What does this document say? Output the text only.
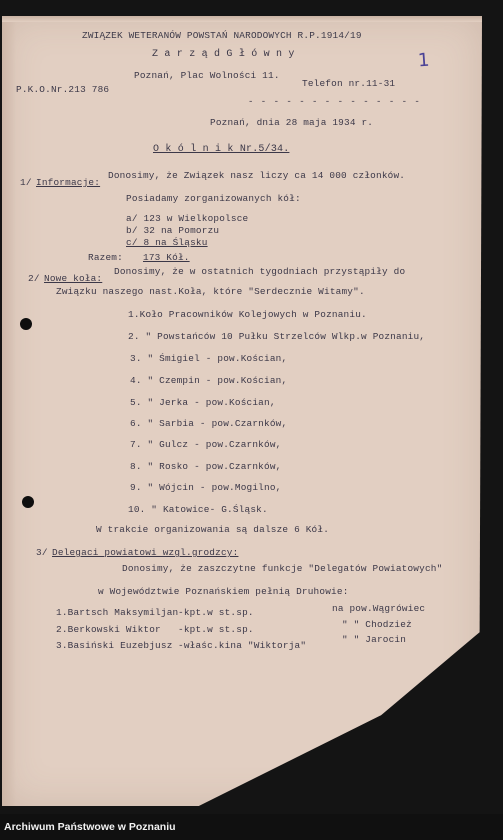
ZWIĄZEK WETERANÓW POWSTAŃ NARODOWYCH R.P.1914/19
Z a r z ą d G ł ó w n y
Poznań, Plac Wolności 11.
P.K.O.Nr.213 786
Telefon nr.11-31
1
- - - - - - - - - - - - - -
Poznań, dnia 28 maja 1934 r.
O k ó l n i k Nr.5/34.
1/ Informacje:
Donosimy, że Związek nasz liczy ca 14 000 członków.
Posiadamy zorganizowanych kół:
a/ 123 w Wielkopolsce
b/ 32 na Pomorzu
c/ 8 na Śląsku
Razem: 173 Kół.
2/ Nowe koła:
Donosimy, że w ostatnich tygodniach przystąpiły do
Związku naszego nast.Koła, które "Serdecznie Witamy".
1.Koło Pracowników Kolejowych w Poznaniu.
2. " Powstańców 10 Pułku Strzelców Wlkp.w Poznaniu,
3. " Śmigiel - pow.Kościan,
4. " Czempin - pow.Kościan,
5. " Jerka - pow.Kościan,
6. " Sarbia - pow.Czarnków,
7. " Gulcz - pow.Czarnków,
8. " Rosko - pow.Czarnków,
9. " Wójcin - pow.Mogilno,
10. " Katowice- G.Śląsk.
W trakcie organizowania są dalsze 6 Kół.
3/ Delegaci powiatowi wzgl.grodzcy:
Donosimy, że zaszczytne funkcje "Delegatów Powiatowych"
w Województwie Poznańskiem pełnią Druhowie:
1.Bartsch Maksymiljan -kpt.w st.sp.	na pow.Wągrówiec
2.Berkowski Wiktor -kpt.w st.sp.	" " Chodzież
3.Basiński Euzebjusz -właśc.kina "Wiktorja"
" " Jarocin
Archiwum Państwowe w Poznaniu
